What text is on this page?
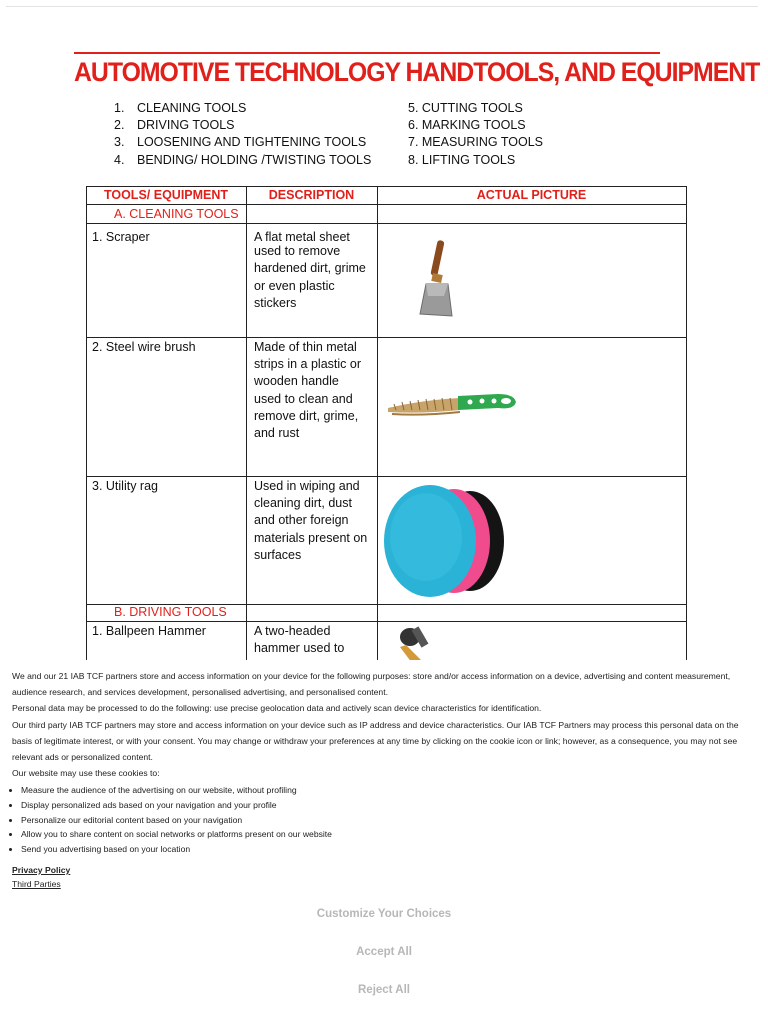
AUTOMOTIVE TECHNOLOGY HANDTOOLS, AND EQUIPMENT
1. CLEANING TOOLS
2. DRIVING TOOLS
3. LOOSENING AND TIGHTENING TOOLS
4. BENDING/ HOLDING /TWISTING TOOLS
5. CUTTING TOOLS
6. MARKING TOOLS
7. MEASURING TOOLS
8. LIFTING TOOLS
TOOLS/ EQUIPMENT	DESCRIPTION	ACTUAL PICTURE
A. CLEANING TOOLS
1. Scraper	A flat metal sheet
used to remove
hardened dirt, grime
or even plastic
stickers
2. Steel wire brush	Made of thin metal
strips in a plastic or
wooden handle
used to clean and
remove dirt, grime,
and rust
3. Utility rag	Used in wiping and
cleaning dirt, dust
and other foreign
materials present on
surfaces
B. DRIVING TOOLS
1. Ballpeen Hammer	A two-headed
hammer used to

We and our 21 IAB TCF partners store and access information on your device for the following purposes: store and/or access information on a device, advertising and content measurement, audience research, and services development, personalised advertising, and personalised content.

Personal data may be processed to do the following: use precise geolocation data and actively scan device characteristics for identification.

Our third party IAB TCF partners may store and access information on your device such as IP address and device characteristics. Our IAB TCF Partners may process this personal data on the basis of legitimate interest, or with your consent. You may change or withdraw your preferences at any time by clicking on the cookie icon or link; however, as a consequence, you may not see relevant ads or personalized content.

Our website may use these cookies to:

• Measure the audience of the advertising on our website, without profiling
• Display personalized ads based on your navigation and your profile
• Personalize our editorial content based on your navigation
• Allow you to share content on social networks or platforms present on our website
• Send you advertising based on your location
Privacy Policy
Third Parties
Customize Your Choices
Accept All
Reject All
